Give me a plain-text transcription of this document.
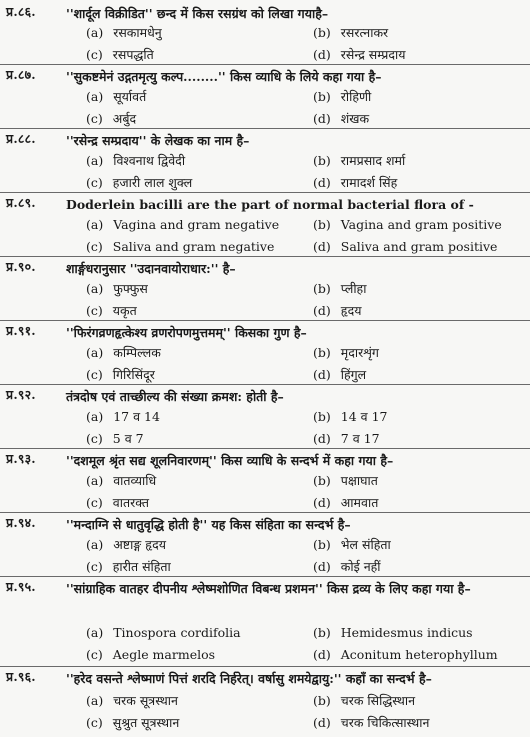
प्र.८६. ''शार्दूल विक्रीडित'' छन्द में किस रसग्रंथ को लिखा गयाहै–
(a) रसकामधेनु	(b) रसरत्नाकर
(c) रसपद्धति	(d) रसेन्द्र सम्प्रदाय
प्र.८७. ''सुकष्टमेनं उद्गतमृत्यु कल्प........'' किस व्याधि के लिये कहा गया है–
(a) सूर्यावर्त	(b) रोहिणी
(c) अर्बुद	(d) शंखक
प्र.८८. ''रसेन्द्र सम्प्रदाय'' के लेखक का नाम है–
(a) विश्वनाथ द्विवेदी	(b) रामप्रसाद शर्मा
(c) हजारी लाल शुक्ल	(d) रामादर्श सिंह
प्र.८९. Doderlein bacilli are the part of normal bacterial flora of -
(a) Vagina and gram negative	(b) Vagina and gram positive
(c) Saliva and gram negative	(d) Saliva and gram positive
प्र.९०. शार्ङ्गधरानुसार ''उदानवायोराधार:'' है–
(a) फुफ्फुस	(b) प्लीहा
(c) यकृत	(d) हृदय
प्र.९१. ''फिरंगव्रणहृत्केश्य व्रणरोपणमुत्तमम्'' किसका गुण है–
(a) कम्पिल्लक	(b) मृदारशृंग
(c) गिरिसिंदूर	(d) हिंगुल
प्र.९२. तंत्रदोष एवं ताच्छील्य की संख्या क्रमश: होती है–
(a) 17 व 14	(b) 14 व 17
(c) 5 व 7	(d) 7 व 17
प्र.९३. ''दशमूल श्रृंत सद्य शूलनिवारणम्'' किस व्याधि के सन्दर्भ में कहा गया है–
(a) वातव्याधि	(b) पक्षाघात
(c) वातरक्त	(d) आमवात
प्र.९४. ''मन्दाग्नि से धातुवृद्धि होती है'' यह किस संहिता का सन्दर्भ है–
(a) अष्टाङ्ग हृदय	(b) भेल संहिता
(c) हारीत संहिता	(d) कोई नहीं
प्र.९५. ''सांग्राहिक वातहर दीपनीय श्लेष्मशोणित विबन्ध प्रशमन'' किस द्रव्य के लिए कहा गया है–
(a) Tinospora cordifolia	(b) Hemidesmus indicus
(c) Aegle marmelos	(d) Aconitum heterophyllum
प्र.९६. ''हरेद वसन्ते श्लेष्माणं पित्तं शरदि निर्हरेत्। वर्षासु शमयेद्वायु:'' कहाँ का सन्दर्भ है–
(a) चरक सूत्रस्थान	(b) चरक सिद्धिस्थान
(c) सुश्रुत सूत्रस्थान	(d) चरक चिकित्सास्थान
